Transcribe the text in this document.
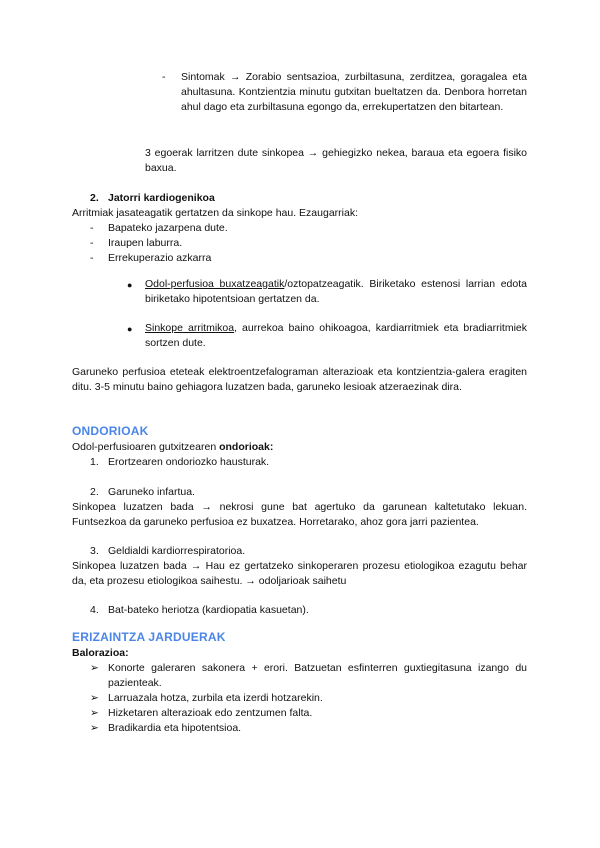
- Sintomak → Zorabio sentsazioa, zurbiltasuna, zerditzea, goragalea eta ahultasuna. Kontzientzia minutu gutxitan bueltatzen da. Denbora horretan ahul dago eta zurbiltasuna egongo da, errekupertatzen den bitartean.
3 egoerak larritzen dute sinkopea → gehiegizko nekea, baraua eta egoera fisiko baxua.
2. Jatorri kardiogenikoa
Arritmiak jasateagatik gertatzen da sinkope hau. Ezaugarriak:
- Bapateko jazarpena dute.
- Iraupen laburra.
- Errekuperazio azkarra
● Odol-perfusioa buxatzeagatik/oztopatzeagatik. Biriketako estenosi larrian edota biriketako hipotentsioan gertatzen da.
● Sinkope arritmikoa, aurrekoa baino ohikoagoa, kardiarritmiek eta bradiarritmiek sortzen dute.
Garuneko perfusioa eteteak elektroentzefalograman alterazioak eta kontzientzia-galera eragiten ditu. 3-5 minutu baino gehiagora luzatzen bada, garuneko lesioak atzeraezinak dira.
ONDORIOAK
Odol-perfusioaren gutxitzearen ondorioak:
1. Erortzearen ondoriozko hausturak.
2. Garuneko infartua.
Sinkopea luzatzen bada → nekrosi gune bat agertuko da garunean kaltetutako lekuan. Funtsezkoa da garuneko perfusioa ez buxatzea. Horretarako, ahoz gora jarri pazientea.
3. Geldialdi kardiorrespiratorioa.
Sinkopea luzatzen bada → Hau ez gertatzeko sinkoperaren prozesu etiologikoa ezagutu behar da, eta prozesu etiologikoa saihestu. → odoljarioak saihetu
4. Bat-bateko heriotza (kardiopatia kasuetan).
ERIZAINTZA JARDUERAK
Balorazioa:
➢ Konorte galeraren sakonera + erori. Batzuetan esfinterren guxtiegitasuna izango du pazienteak.
➢ Larruazala hotza, zurbila eta izerdi hotzarekin.
➢ Hizketaren alterazioak edo zentzumen falta.
➢ Bradikardia eta hipotentsioa.
